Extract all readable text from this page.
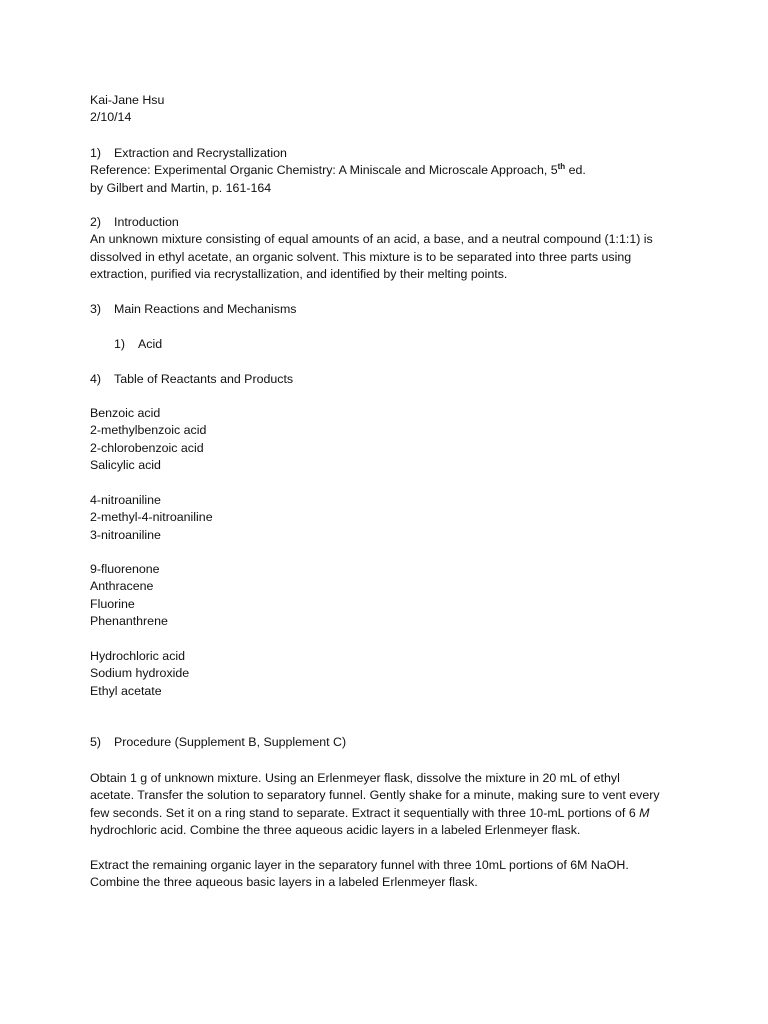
Kai-Jane Hsu
2/10/14
1) Extraction and Recrystallization
Reference: Experimental Organic Chemistry: A Miniscale and Microscale Approach, 5th ed.
by Gilbert and Martin, p. 161-164
2) Introduction
An unknown mixture consisting of equal amounts of an acid, a base, and a neutral compound (1:1:1) is
dissolved in ethyl acetate, an organic solvent. This mixture is to be separated into three parts using
extraction, purified via recrystallization, and identified by their melting points.
3) Main Reactions and Mechanisms
1) Acid
4) Table of Reactants and Products
Benzoic acid
2-methylbenzoic acid
2-chlorobenzoic acid
Salicylic acid
4-nitroaniline
2-methyl-4-nitroaniline
3-nitroaniline
9-fluorenone
Anthracene
Fluorine
Phenanthrene
Hydrochloric acid
Sodium hydroxide
Ethyl acetate
5) Procedure (Supplement B, Supplement C)
Obtain 1 g of unknown mixture. Using an Erlenmeyer flask, dissolve the mixture in 20 mL of ethyl
acetate. Transfer the solution to separatory funnel. Gently shake for a minute, making sure to vent every
few seconds. Set it on a ring stand to separate. Extract it sequentially with three 10-mL portions of 6 M
hydrochloric acid. Combine the three aqueous acidic layers in a labeled Erlenmeyer flask.
Extract the remaining organic layer in the separatory funnel with three 10mL portions of 6M NaOH.
Combine the three aqueous basic layers in a labeled Erlenmeyer flask.
